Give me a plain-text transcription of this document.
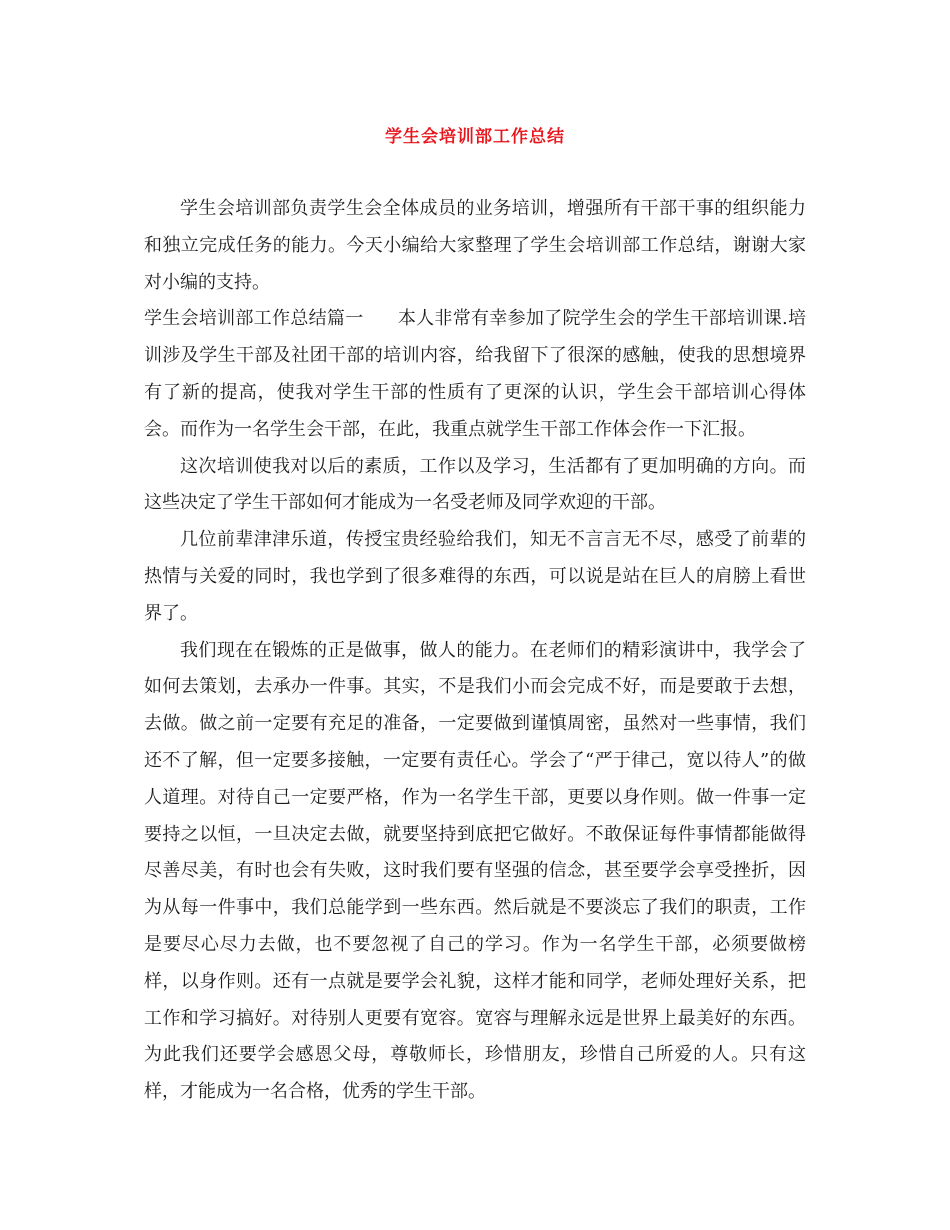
学生会培训部工作总结

学生会培训部负责学生会全体成员的业务培训，增强所有干部干事的组织能力和独立完成任务的能力。今天小编给大家整理了学生会培训部工作总结，谢谢大家对小编的支持。

学生会培训部工作总结篇一 本人非常有幸参加了院学生会的学生干部培训课.培训涉及学生干部及社团干部的培训内容，给我留下了很深的感触，使我的思想境界有了新的提高，使我对学生干部的性质有了更深的认识，学生会干部培训心得体会。而作为一名学生会干部，在此，我重点就学生干部工作体会作一下汇报。

这次培训使我对以后的素质，工作以及学习，生活都有了更加明确的方向。而这些决定了学生干部如何才能成为一名受老师及同学欢迎的干部。

几位前辈津津乐道，传授宝贵经验给我们，知无不言言无不尽，感受了前辈的热情与关爱的同时，我也学到了很多难得的东西，可以说是站在巨人的肩膀上看世界了。

我们现在在锻炼的正是做事，做人的能力。在老师们的精彩演讲中，我学会了如何去策划，去承办一件事。其实，不是我们小而会完成不好，而是要敢于去想，去做。做之前一定要有充足的准备，一定要做到谨慎周密，虽然对一些事情，我们还不了解，但一定要多接触，一定要有责任心。学会了“严于律己，宽以待人”的做人道理。对待自己一定要严格，作为一名学生干部，更要以身作则。做一件事一定要持之以恒，一旦决定去做，就要坚持到底把它做好。不敢保证每件事情都能做得尽善尽美，有时也会有失败，这时我们要有坚强的信念，甚至要学会享受挫折，因为从每一件事中，我们总能学到一些东西。然后就是不要淡忘了我们的职责，工作是要尽心尽力去做，也不要忽视了自己的学习。作为一名学生干部，必须要做榜样，以身作则。还有一点就是要学会礼貌，这样才能和同学，老师处理好关系，把工作和学习搞好。对待别人更要有宽容。宽容与理解永远是世界上最美好的东西。为此我们还要学会感恩父母，尊敬师长，珍惜朋友，珍惜自己所爱的人。只有这样，才能成为一名合格，优秀的学生干部。
